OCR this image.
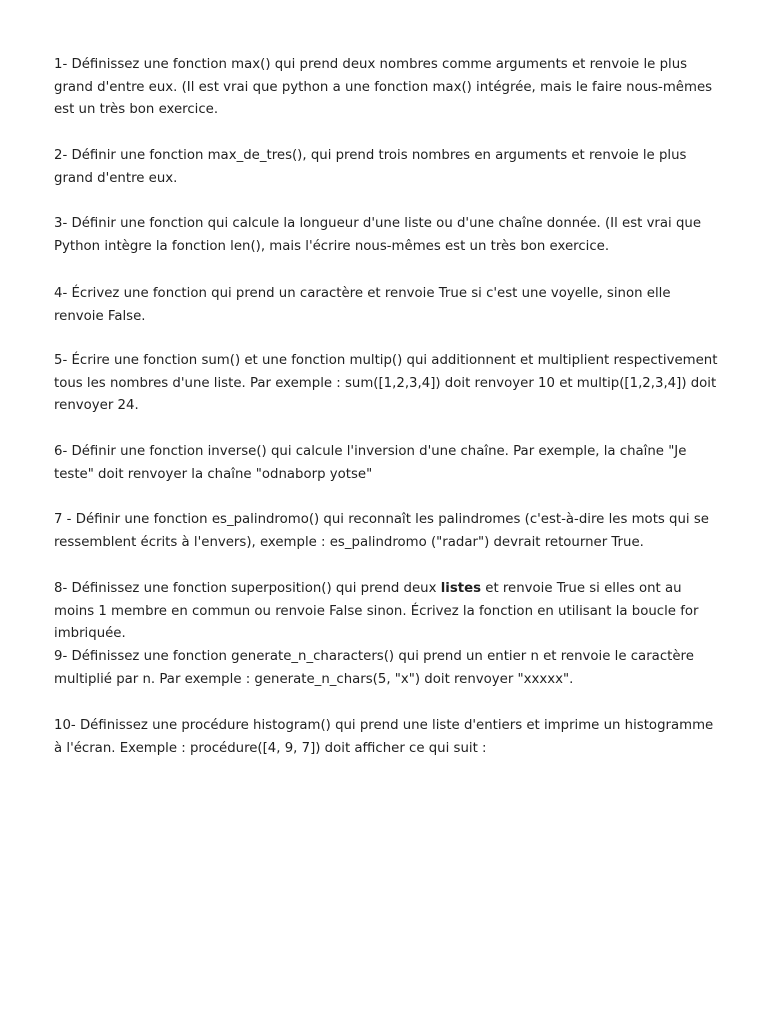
1- Définissez une fonction max() qui prend deux nombres comme arguments et renvoie le plus grand d'entre eux. (Il est vrai que python a une fonction max() intégrée, mais le faire nous-mêmes est un très bon exercice.

2- Définir une fonction max_de_tres(), qui prend trois nombres en arguments et renvoie le plus grand d'entre eux.

3- Définir une fonction qui calcule la longueur d'une liste ou d'une chaîne donnée. (Il est vrai que Python intègre la fonction len(), mais l'écrire nous-mêmes est un très bon exercice.

4- Écrivez une fonction qui prend un caractère et renvoie True si c'est une voyelle, sinon elle renvoie False.

5- Écrire une fonction sum() et une fonction multip() qui additionnent et multiplient respectivement tous les nombres d'une liste. Par exemple : sum([1,2,3,4]) doit renvoyer 10 et multip([1,2,3,4]) doit renvoyer 24.

6- Définir une fonction inverse() qui calcule l'inversion d'une chaîne. Par exemple, la chaîne "Je teste" doit renvoyer la chaîne "odnaborp yotse"

7 - Définir une fonction es_palindromo() qui reconnaît les palindromes (c'est-à-dire les mots qui se ressemblent écrits à l'envers), exemple : es_palindromo ("radar") devrait retourner True.

8- Définissez une fonction superposition() qui prend deux listes et renvoie True si elles ont au moins 1 membre en commun ou renvoie False sinon. Écrivez la fonction en utilisant la boucle for imbriquée.

9- Définissez une fonction generate_n_characters() qui prend un entier n et renvoie le caractère multiplié par n. Par exemple : generate_n_chars(5, "x") doit renvoyer "xxxxx".

10- Définissez une procédure histogram() qui prend une liste d'entiers et imprime un histogramme à l'écran. Exemple : procédure([4, 9, 7]) doit afficher ce qui suit :
